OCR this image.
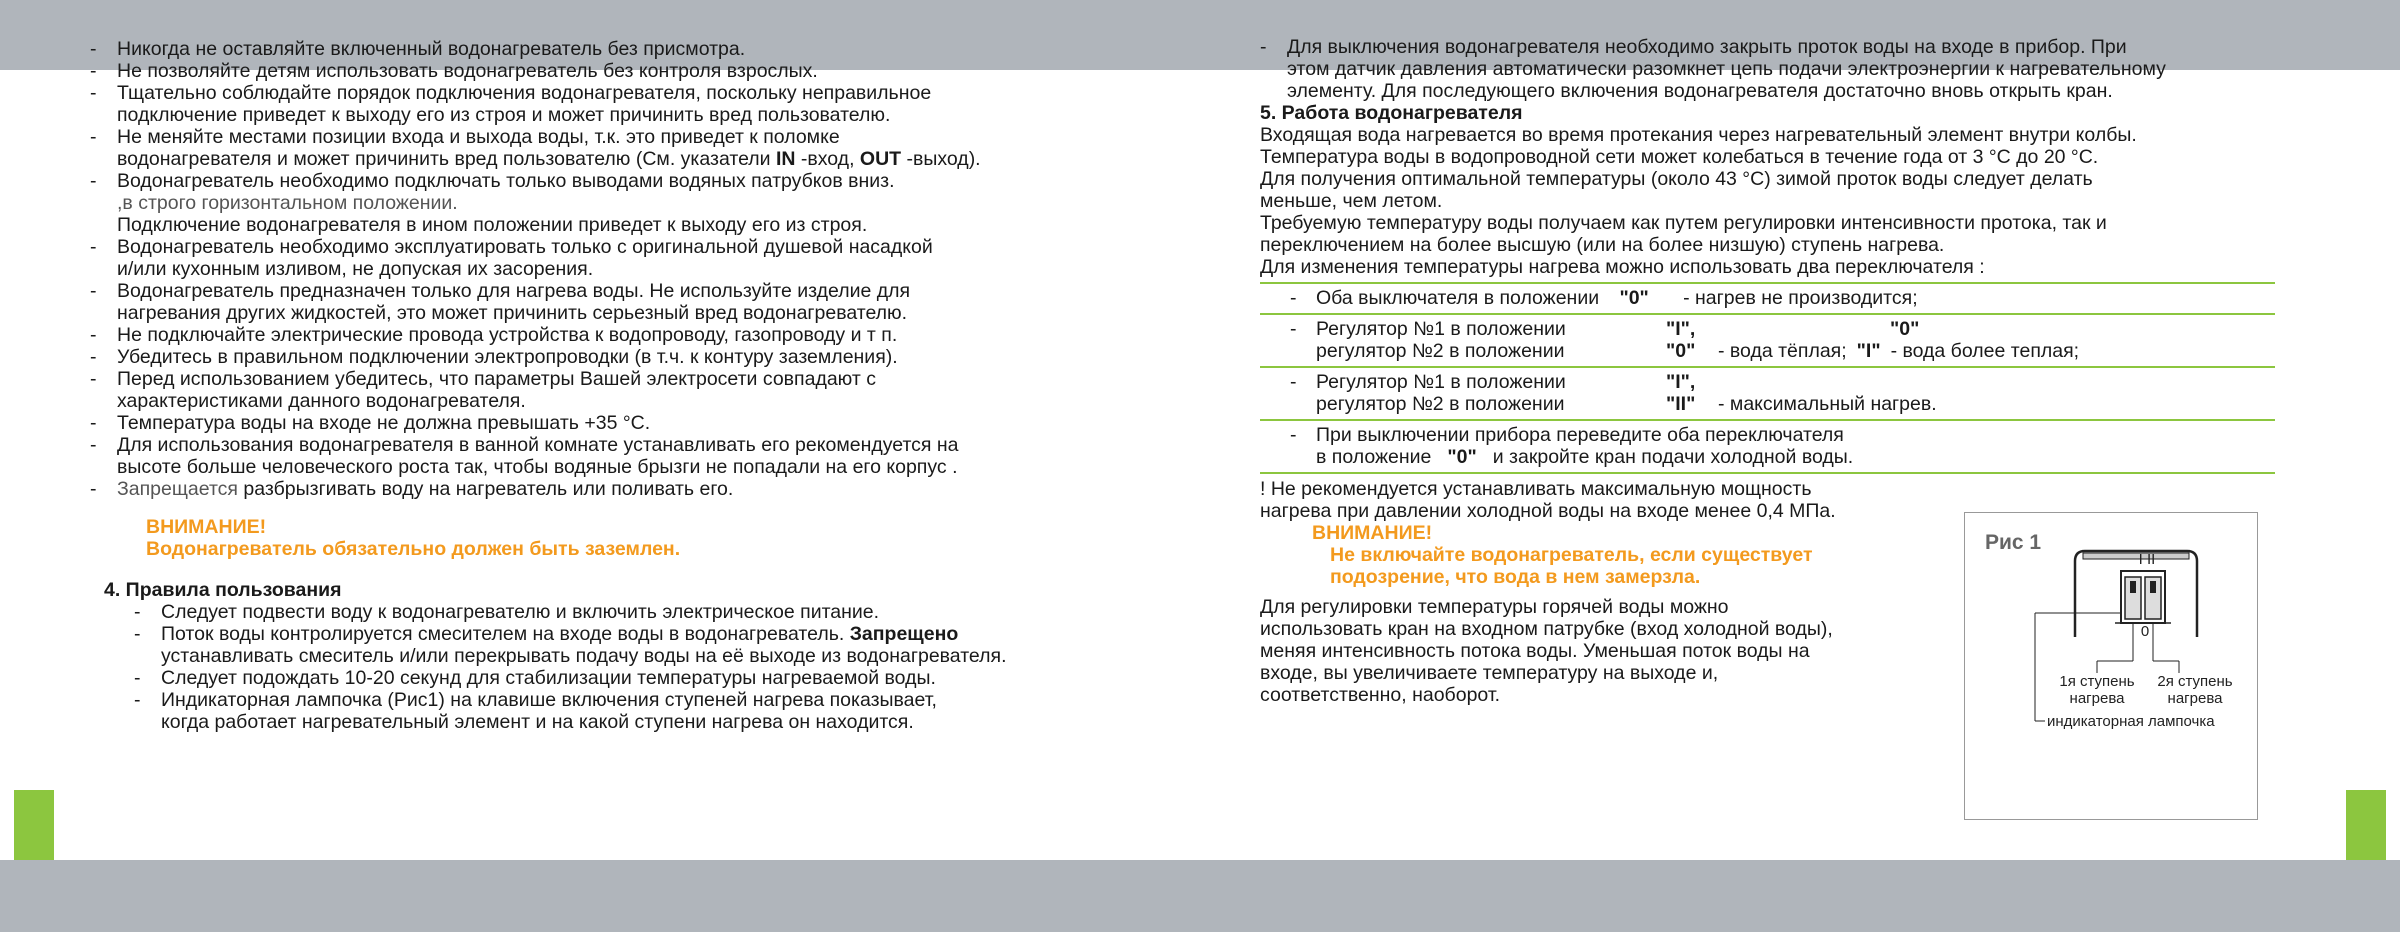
- Никогда не оставляйте включенный водонагреватель без присмотра.
- Не позволяйте детям использовать водонагреватель без контроля взрослых.
- Тщательно соблюдайте порядок подключения водонагревателя, поскольку неправильное
подключение приведет к выходу его из строя и может причинить вред пользователю.
- Не меняйте местами позиции входа и выхода воды, т.к. это приведет к поломке
водонагревателя и может причинить вред пользователю (См. указатели IN -вход, OUT -выход).
- Водонагреватель необходимо подключать только выводами водяных патрубков вниз.
,в строго горизонтальном положении.
Подключение водонагревателя в ином положении приведет к выходу его из строя.
- Водонагреватель необходимо эксплуатировать только с оригинальной душевой насадкой
и/или кухонным изливом, не допуская их засорения.
- Водонагреватель предназначен только для нагрева воды. Не используйте изделие для
нагревания других жидкостей, это может причинить серьезный вред водонагревателю.
- Не подключайте электрические провода устройства к водопроводу, газопроводу и т п.
- Убедитесь в правильном подключении электропроводки (в т.ч. к контуру заземления).
- Перед использованием убедитесь, что параметры Вашей электросети совпадают с
характеристиками данного водонагревателя.
- Температура воды на входе не должна превышать +35 °C.
- Для использования водонагревателя в ванной комнате устанавливать его рекомендуется на
высоте больше человеческого роста так, чтобы водяные брызги не попадали на его корпус .
- Запрещается разбрызгивать воду на нагреватель или поливать его.
ВНИМАНИЕ!
Водонагреватель обязательно должен быть заземлен.
4. Правила пользования
- Следует подвести воду к водонагревателю и включить электрическое питание.
- Поток воды контролируется смесителем на входе воды в водонагреватель. Запрещено
устанавливать смеситель и/или перекрывать подачу воды на её выходе из водонагревателя.
- Следует подождать 10-20 секунд для стабилизации температуры нагреваемой воды.
- Индикаторная лампочка (Рис1) на клавише включения ступеней нагрева показывает,
когда работает нагревательный элемент и на какой ступени нагрева он находится.
- Для выключения водонагревателя необходимо закрыть проток воды на входе в прибор. При
этом датчик давления автоматически разомкнет цепь подачи электроэнергии к нагревательному
элементу. Для последующего включения водонагревателя достаточно вновь открыть кран.
5. Работа водонагревателя
Входящая вода нагревается во время протекания через нагревательный элемент внутри колбы.
Температура воды в водопроводной сети может колебаться в течение года от 3 °С до 20 °С.
Для получения оптимальной температуры (около 43 °С) зимой проток воды следует делать
меньше, чем летом.
Требуемую температуру воды получаем как путем регулировки интенсивности протока, так и
переключением на более высшую (или на более низшую) ступень нагрева.
Для изменения температуры нагрева можно использовать два переключателя :
-	Оба выключателя в положении "0" - нагрев не производится;
- Регулятор №1 в положении	"I",	"0"
регулятор №2 в положении	"0" - вода тёплая; "I" - вода более теплая;
- Регулятор №1 в положении	"I",
регулятор №2 в положении	"II" - максимальный нагрев.
- При выключении прибора переведите оба переключателя
в положение "0" и закройте кран подачи холодной воды.
! Не рекомендуется устанавливать максимальную мощность
нагрева при давлении холодной воды на входе менее 0,4 МПа.
ВНИМАНИЕ!
Не включайте водонагреватель, если существует
подозрение, что вода в нем замерзла.
Для регулировки температуры горячей воды можно
использовать кран на входном патрубке (вход холодной воды),
меняя интенсивность потока воды. Уменьшая поток воды на
входе, вы увеличиваете температуру на выходе и,
соответственно, наоборот.
Рис 1
I II
0
1я ступень
нагрева
2я ступень
нагрева
индикаторная лампочка
